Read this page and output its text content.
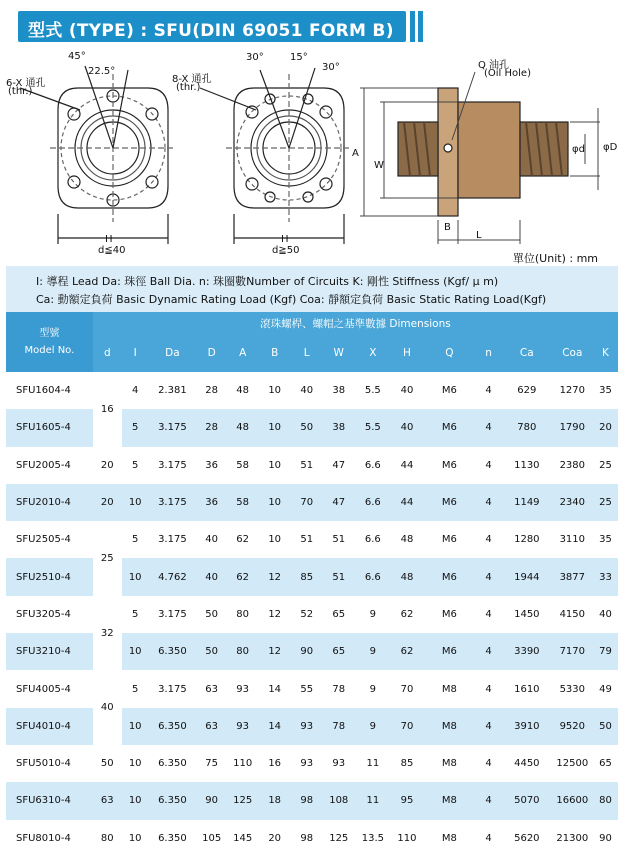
型式 (TYPE) : SFU(DIN 69051 FORM B)
45°
22.5°
6-X 通孔
(thr.)
H
d≦40
30°	15°
30°
8-X 通孔
(thr.)
H
d≧50
Q 油孔
(Oil Hole)
A
W
φd φD
B
L
單位(Unit) : mm
I: 導程 Lead Da: 珠徑 Ball Dia. n: 珠圈數Number of Circuits K: 剛性 Stiffness (Kgf/ μ m)
Ca: 動額定負荷 Basic Dynamic Rating Load (Kgf) Coa: 靜額定負荷 Basic Static Rating Load(Kgf)
型號
Model No.	滾珠螺桿、螺帽之基準數據 Dimensions														
	d	I	Da	D	A	B	L	W	X	H	Q	n	Ca	Coa	K
SFU1604-4	16	4	2.381	28	48	10	40	38	5.5	40	M6	4	629	1270	35
SFU1605-4		5	3.175	28	48	10	50	38	5.5	40	M6	4	780	1790	20
SFU2005-4	20	5	3.175	36	58	10	51	47	6.6	44	M6	4	1130	2380	25
SFU2010-4	20	10	3.175	36	58	10	70	47	6.6	44	M6	4	1149	2340	25
SFU2505-4	25	5	3.175	40	62	10	51	51	6.6	48	M6	4	1280	3110	35
SFU2510-4		10	4.762	40	62	12	85	51	6.6	48	M6	4	1944	3877	33
SFU3205-4	32	5	3.175	50	80	12	52	65	9	62	M6	4	1450	4150	40
SFU3210-4		10	6.350	50	80	12	90	65	9	62	M6	4	3390	7170	79
SFU4005-4	40	5	3.175	63	93	14	55	78	9	70	M8	4	1610	5330	49
SFU4010-4		10	6.350	63	93	14	93	78	9	70	M8	4	3910	9520	50
SFU5010-4	50	10	6.350	75	110	16	93	93	11	85	M8	4	4450	12500	65
SFU6310-4	63	10	6.350	90	125	18	98	108	11	95	M8	4	5070	16600	80
SFU8010-4	80	10	6.350	105	145	20	98	125	13.5	110	M8	4	5620	21300	90
